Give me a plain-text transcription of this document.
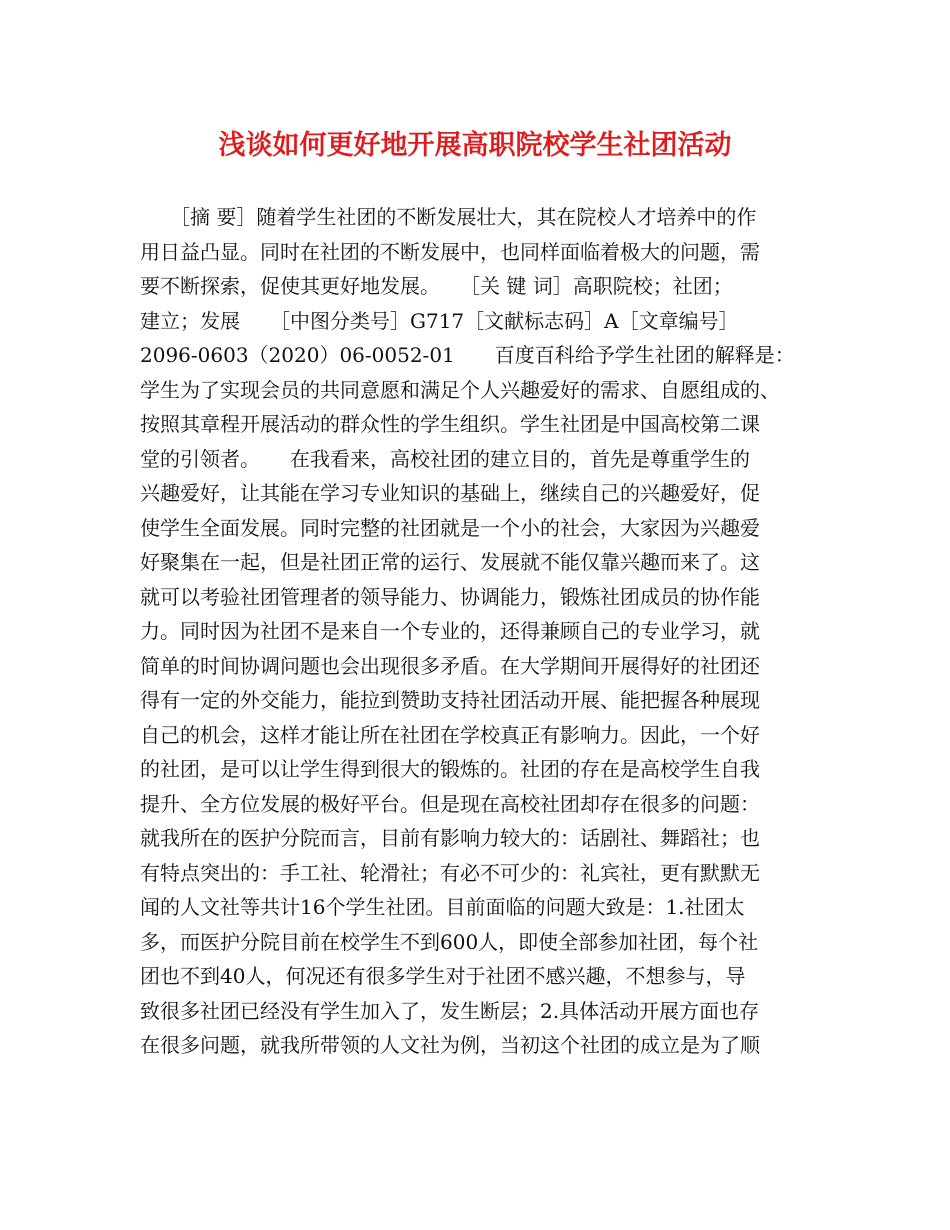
浅谈如何更好地开展高职院校学生社团活动
　　［摘 要］随着学生社团的不断发展壮大，其在院校人才培养中的作
用日益凸显。同时在社团的不断发展中，也同样面临着极大的问题，需
要不断探索，促使其更好地发展。　　［关 键 词］高职院校；社团；
建立；发展　　［中图分类号］G717［文献标志码］A［文章编号］
2096-0603（2020）06-0052-01　　百度百科给予学生社团的解释是：
学生为了实现会员的共同意愿和满足个人兴趣爱好的需求、自愿组成的、
按照其章程开展活动的群众性的学生组织。学生社团是中国高校第二课
堂的引领者。　　在我看来，高校社团的建立目的，首先是尊重学生的
兴趣爱好，让其能在学习专业知识的基础上，继续自己的兴趣爱好，促
使学生全面发展。同时完整的社团就是一个小的社会，大家因为兴趣爱
好聚集在一起，但是社团正常的运行、发展就不能仅靠兴趣而来了。这
就可以考验社团管理者的领导能力、协调能力，锻炼社团成员的协作能
力。同时因为社团不是来自一个专业的，还得兼顾自己的专业学习，就
简单的时间协调问题也会出现很多矛盾。在大学期间开展得好的社团还
得有一定的外交能力，能拉到赞助支持社团活动开展、能把握各种展现
自己的机会，这样才能让所在社团在学校真正有影响力。因此，一个好
的社团，是可以让学生得到很大的锻炼的。社团的存在是高校学生自我
提升、全方位发展的极好平台。但是现在高校社团却存在很多的问题：
就我所在的医护分院而言，目前有影响力较大的：话剧社、舞蹈社；也
有特点突出的：手工社、轮滑社；有必不可少的：礼宾社，更有默默无
闻的人文社等共计16个学生社团。目前面临的问题大致是：1.社团太
多，而医护分院目前在校学生不到600人，即使全部参加社团，每个社
团也不到40人，何况还有很多学生对于社团不感兴趣，不想参与，导
致很多社团已经没有学生加入了，发生断层；2.具体活动开展方面也存
在很多问题，就我所带领的人文社为例，当初这个社团的成立是为了顺
